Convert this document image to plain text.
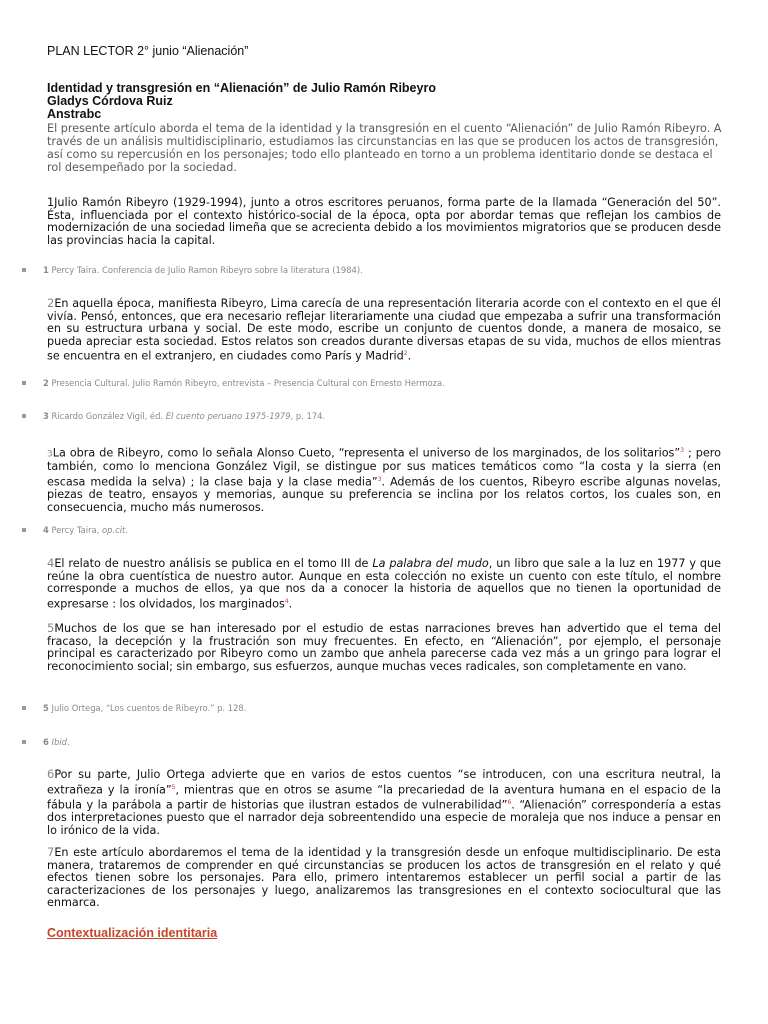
PLAN LECTOR 2° junio “Alienación”
Identidad y transgresión en “Alienación” de Julio Ramón Ribeyro
Gladys Córdova Ruiz
Anstrabc
El presente artículo aborda el tema de la identidad y la transgresión en el cuento “Alienación” de Julio Ramón Ribeyro. A través de un análisis multidisciplinario, estudiamos las circunstancias en las que se producen los actos de transgresión, así como su repercusión en los personajes; todo ello planteado en torno a un problema identitario donde se destaca el rol desempeñado por la sociedad.
1Julio Ramón Ribeyro (1929-1994), junto a otros escritores peruanos, forma parte de la llamada “Generación del 50”. Ésta, influenciada por el contexto histórico-social de la época, opta por abordar temas que reflejan los cambios de modernización de una sociedad limeña que se acrecienta debido a los movimientos migratorios que se producen desde las provincias hacia la capital.
1 Percy Taira. Conferencia de Julio Ramon Ribeyro sobre la literatura (1984).
2En aquella época, manifiesta Ribeyro, Lima carecía de una representación literaria acorde con el contexto en el que él vivía. Pensó, entonces, que era necesario reflejar literariamente una ciudad que empezaba a sufrir una transformación en su estructura urbana y social. De este modo, escribe un conjunto de cuentos donde, a manera de mosaico, se pueda apreciar esta sociedad. Estos relatos son creados durante diversas etapas de su vida, muchos de ellos mientras se encuentra en el extranjero, en ciudades como París y Madrid$^2$.
2 Presencia Cultural. Julio Ramón Ribeyro, entrevista – Presencia Cultural con Ernesto Hermoza.
3 Ricardo González Vigil, éd. El cuento peruano 1975-1979, p. 174.
3La obra de Ribeyro, como lo señala Alonso Cueto, “representa el universo de los marginados, de los solitarios”$^3$ ; pero también, como lo menciona González Vigil, se distingue por sus matices temáticos como “la costa y la sierra (en escasa medida la selva) ; la clase baja y la clase media”$^3$. Además de los cuentos, Ribeyro escribe algunas novelas, piezas de teatro, ensayos y memorias, aunque su preferencia se inclina por los relatos cortos, los cuales son, en consecuencia, mucho más numerosos.
4 Percy Taira, op.cit.
4El relato de nuestro análisis se publica en el tomo III de La palabra del mudo, un libro que sale a la luz en 1977 y que reúne la obra cuentística de nuestro autor. Aunque en esta colección no existe un cuento con este título, el nombre corresponde a muchos de ellos, ya que nos da a conocer la historia de aquellos que no tienen la oportunidad de expresarse : los olvidados, los marginados$^4$.
5Muchos de los que se han interesado por el estudio de estas narraciones breves han advertido que el tema del fracaso, la decepción y la frustración son muy frecuentes. En efecto, en “Alienación”, por ejemplo, el personaje principal es caracterizado por Ribeyro como un zambo que anhela parecerse cada vez más a un gringo para lograr el reconocimiento social; sin embargo, sus esfuerzos, aunque muchas veces radicales, son completamente en vano.
5 Julio Ortega, “Los cuentos de Ribeyro.” p. 128.
6 Ibid.
6Por su parte, Julio Ortega advierte que en varios de estos cuentos “se introducen, con una escritura neutral, la extrañeza y la ironía”$^5$, mientras que en otros se asume “la precariedad de la aventura humana en el espacio de la fábula y la parábola a partir de historias que ilustran estados de vulnerabilidad”$^6$. “Alienación” correspondería a estas dos interpretaciones puesto que el narrador deja sobreentendido una especie de moraleja que nos induce a pensar en lo irónico de la vida.
7En este artículo abordaremos el tema de la identidad y la transgresión desde un enfoque multidisciplinario. De esta manera, trataremos de comprender en qué circunstancias se producen los actos de transgresión en el relato y qué efectos tienen sobre los personajes. Para ello, primero intentaremos establecer un perfil social a partir de las caracterizaciones de los personajes y luego, analizaremos las transgresiones en el contexto sociocultural que las enmarca.
Contextualización identitaria
